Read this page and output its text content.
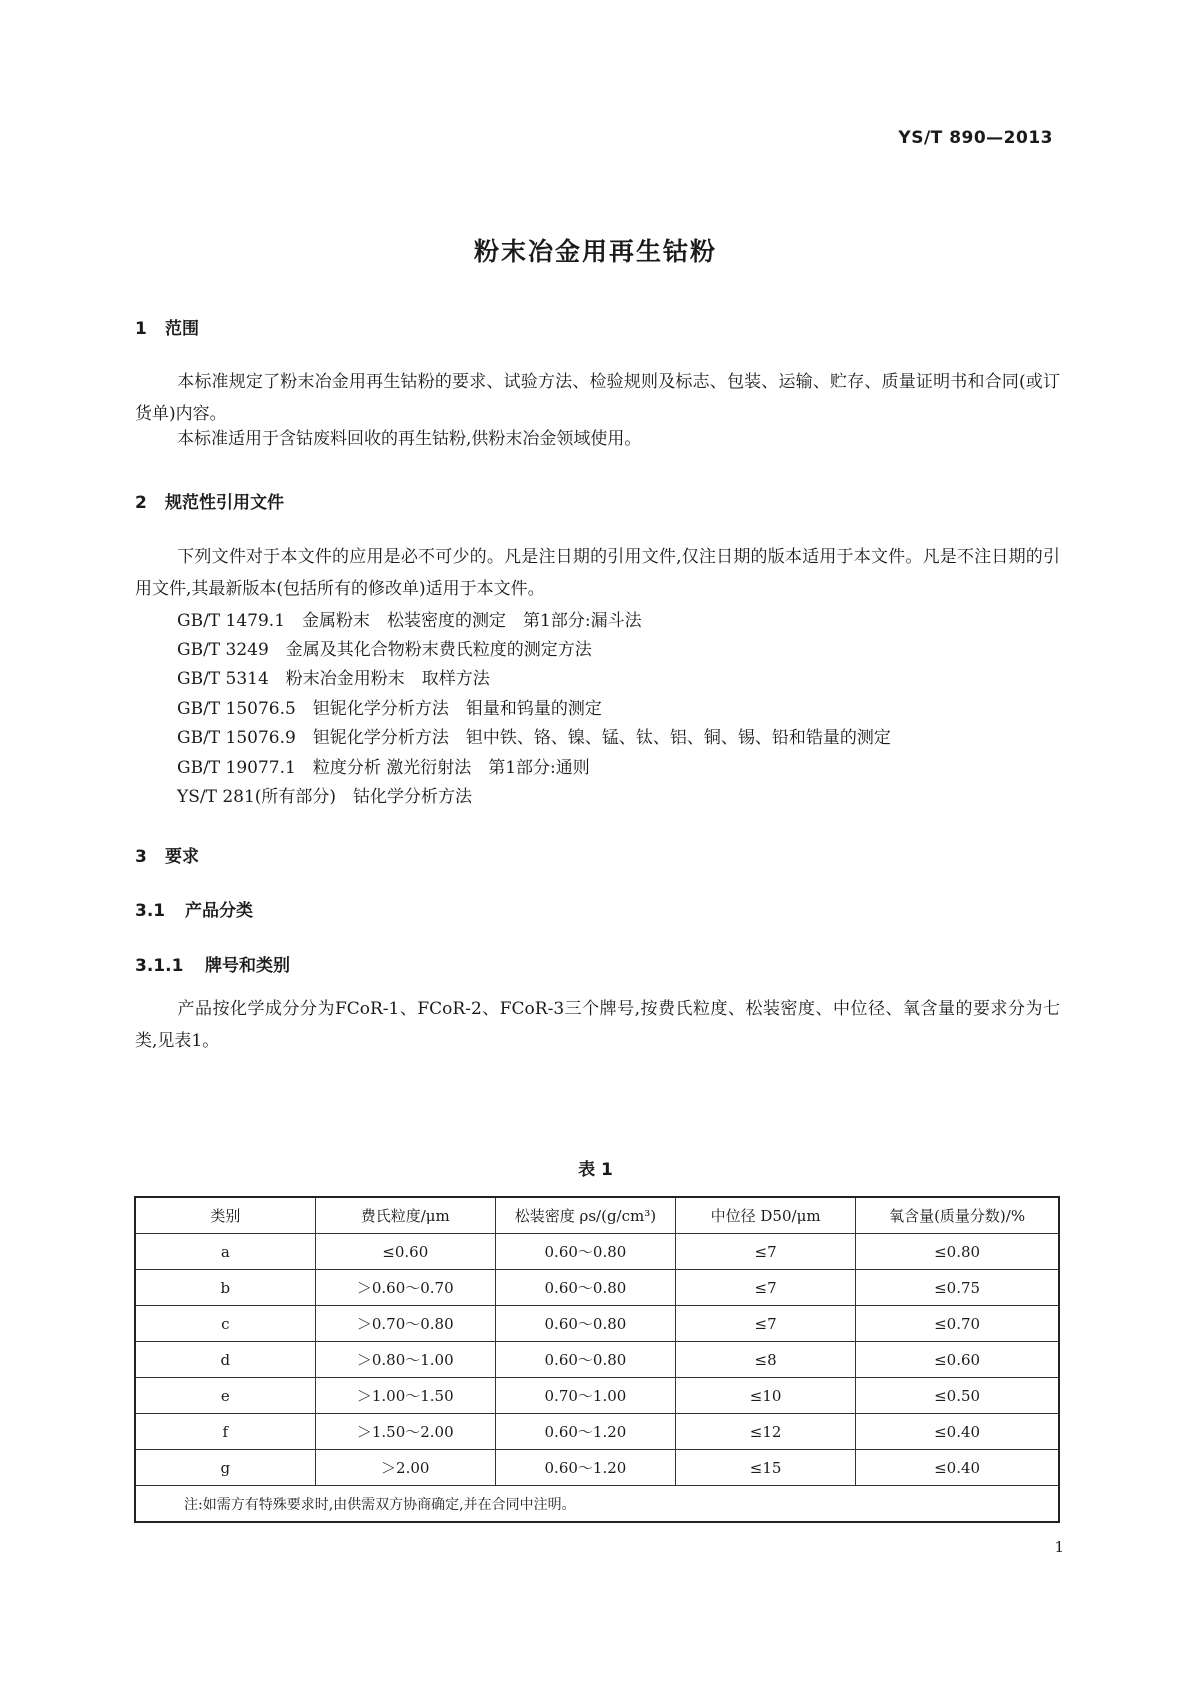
YS/T 890—2013
粉末冶金用再生钴粉
1 范围
本标准规定了粉末冶金用再生钴粉的要求、试验方法、检验规则及标志、包装、运输、贮存、质量证明书和合同(或订货单)内容。
本标准适用于含钴废料回收的再生钴粉,供粉末冶金领域使用。
2 规范性引用文件
下列文件对于本文件的应用是必不可少的。凡是注日期的引用文件,仅注日期的版本适用于本文件。凡是不注日期的引用文件,其最新版本(包括所有的修改单)适用于本文件。
GB/T 1479.1　金属粉末　松装密度的测定　第1部分:漏斗法
GB/T 3249　金属及其化合物粉末费氏粒度的测定方法
GB/T 5314　粉末冶金用粉末　取样方法
GB/T 15076.5　钽铌化学分析方法　钼量和钨量的测定
GB/T 15076.9　钽铌化学分析方法　钽中铁、铬、镍、锰、钛、铝、铜、锡、铅和锆量的测定
GB/T 19077.1　粒度分析 激光衍射法　第1部分:通则
YS/T 281(所有部分)　钴化学分析方法
3 要求
3.1 产品分类
3.1.1 牌号和类别
产品按化学成分分为FCoR-1、FCoR-2、FCoR-3三个牌号,按费氏粒度、松装密度、中位径、氧含量的要求分为七类,见表1。
表 1
类别	费氏粒度/μm	松装密度 ρs/(g/cm³)	中位径 D50/μm	氧含量(质量分数)/%
a	≤0.60	0.60～0.80	≤7	≤0.80
b	＞0.60～0.70	0.60～0.80	≤7	≤0.75
c	＞0.70～0.80	0.60～0.80	≤7	≤0.70
d	＞0.80～1.00	0.60～0.80	≤8	≤0.60
e	＞1.00～1.50	0.70～1.00	≤10	≤0.50
f	＞1.50～2.00	0.60～1.20	≤12	≤0.40
g	＞2.00	0.60～1.20	≤15	≤0.40
注:如需方有特殊要求时,由供需双方协商确定,并在合同中注明。				
1
